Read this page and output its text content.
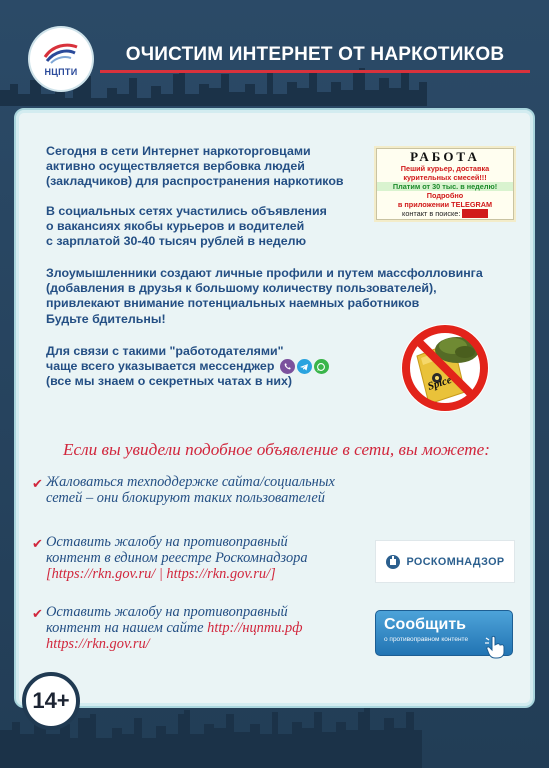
НЦПТИ
ОЧИСТИМ ИНТЕРНЕТ ОТ НАРКОТИКОВ
Сегодня в сети Интернет наркоторговцами
активно осуществляется вербовка людей
(закладчиков) для распространения наркотиков
В социальных сетях участились объявления
о вакансиях якобы курьеров и водителей
с зарплатой 30-40 тысяч рублей в неделю
Злоумышленники создают личные профили и путем массфолловинга
(добавления в друзья к большому количеству пользователей),
привлекают внимание потенциальных наемных работников
Будьте бдительны!
Для связи с такими "работодателями"
чаще всего указывается мессенджер
(все мы знаем о секретных чатах в них)
РАБОТА
Пеший курьер, доставка
курительных смесей!!!
Платим от 30 тыс. в неделю!
Подробно
в приложении TELEGRAM
контакт в поиске: xxxxxxx
Spice
Если вы увидели подобное объявление в сети, вы можете:
✔ Жаловаться техподдержке сайта/социальных
сетей – они блокируют таких пользователей
✔ Оставить жалобу на противоправный
контент в едином реестре Роскомнадзора
[https://rkn.gov.ru/ | https://rkn.gov.ru/]
✔ Оставить жалобу на противоправный
контент на нашем сайте http://нцпти.рф
https://rkn.gov.ru/
РОСКОМНАДЗОР
Сообщить
о противоправном контенте
14+
